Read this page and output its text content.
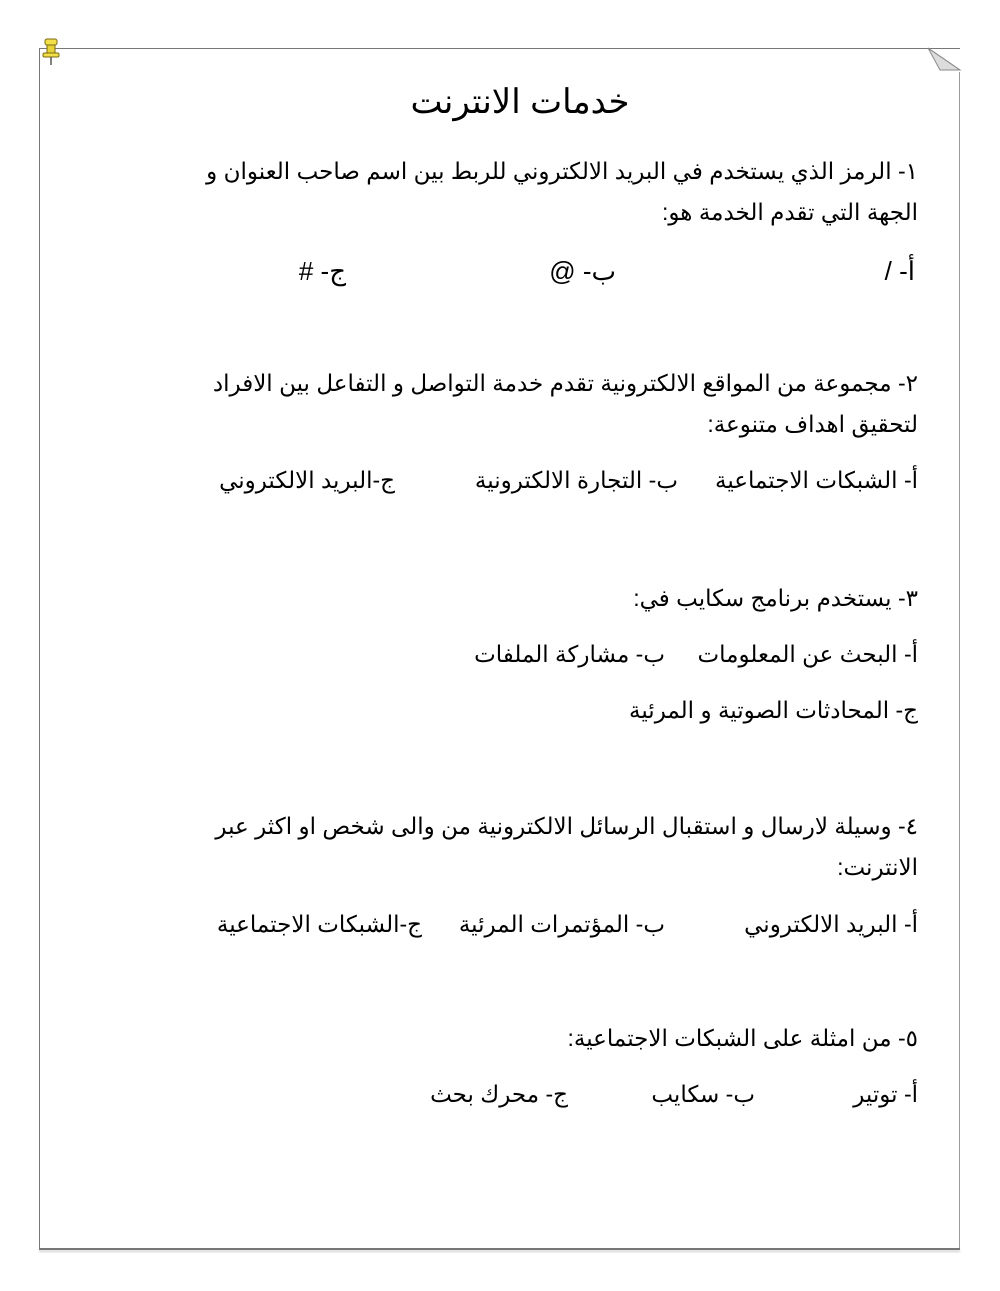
خدمات الانترنت
١- الرمز الذي يستخدم في البريد الالكتروني للربط بين اسم صاحب العنوان و
الجهة التي تقدم الخدمة هو:
أ- /
ب- @
ج- #
٢- مجموعة من المواقع الالكترونية تقدم خدمة التواصل و التفاعل بين الافراد
لتحقيق اهداف متنوعة:
أ- الشبكات الاجتماعية
ب- التجارة الالكترونية
ج-البريد الالكتروني
٣- يستخدم برنامج سكايب في:
أ- البحث عن المعلومات
ب- مشاركة الملفات
ج- المحادثات الصوتية و المرئية
٤- وسيلة لارسال و استقبال الرسائل الالكترونية من والى شخص او اكثر عبر
الانترنت:
أ- البريد الالكتروني
ب- المؤتمرات المرئية
ج-الشبكات الاجتماعية
٥- من امثلة على الشبكات الاجتماعية:
أ- توتير
ب- سكايب
ج- محرك بحث
